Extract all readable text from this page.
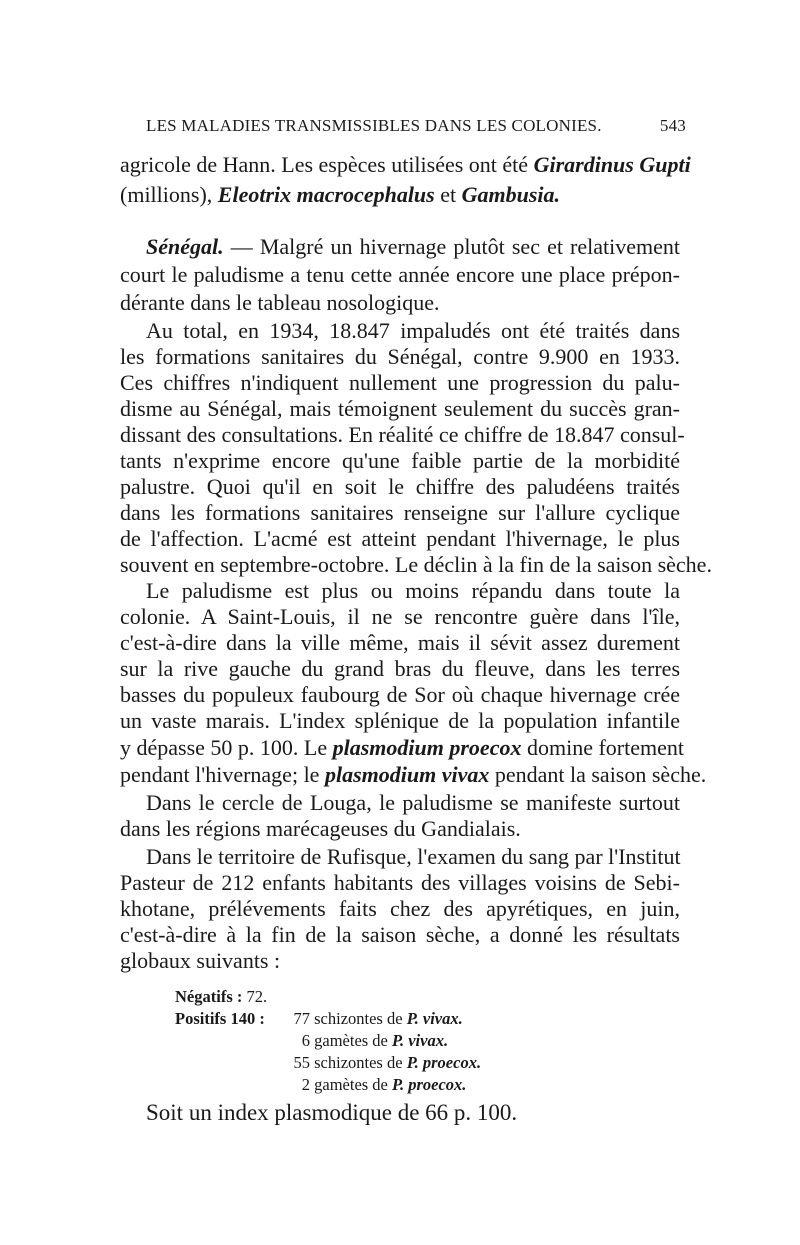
LES MALADIES TRANSMISSIBLES DANS LES COLONIES.	543
agricole de Hann. Les espèces utilisées ont été Girardinus Gupti
(millions), Eleotrix macrocephalus et Gambusia.
Sénégal. — Malgré un hivernage plutôt sec et relativement
court le paludisme a tenu cette année encore une place prépon-
dérante dans le tableau nosologique.
Au total, en 1934, 18.847 impaludés ont été traités dans
les formations sanitaires du Sénégal, contre 9.900 en 1933.
Ces chiffres n'indiquent nullement une progression du palu-
disme au Sénégal, mais témoignent seulement du succès gran-
dissant des consultations. En réalité ce chiffre de 18.847 consul-
tants n'exprime encore qu'une faible partie de la morbidité
palustre. Quoi qu'il en soit le chiffre des paludéens traités
dans les formations sanitaires renseigne sur l'allure cyclique
de l'affection. L'acmé est atteint pendant l'hivernage, le plus
souvent en septembre-octobre. Le déclin à la fin de la saison sèche.
Le paludisme est plus ou moins répandu dans toute la
colonie. A Saint-Louis, il ne se rencontre guère dans l'île,
c'est-à-dire dans la ville même, mais il sévit assez durement
sur la rive gauche du grand bras du fleuve, dans les terres
basses du populeux faubourg de Sor où chaque hivernage crée
un vaste marais. L'index splénique de la population infantile
y dépasse 50 p. 100. Le plasmodium proecox domine fortement
pendant l'hivernage; le plasmodium vivax pendant la saison sèche.
Dans le cercle de Louga, le paludisme se manifeste surtout
dans les régions marécageuses du Gandialais.
Dans le territoire de Rufisque, l'examen du sang par l'Institut
Pasteur de 212 enfants habitants des villages voisins de Sebi-
khotane, prélévements faits chez des apyrétiques, en juin,
c'est-à-dire à la fin de la saison sèche, a donné les résultats
globaux suivants :
Négatifs : 72.
Positifs 140 :	77 schizontes de P. vivax.
6 gamètes de P. vivax.
55 schizontes de P. proecox.
2 gamètes de P. proecox.
Soit un index plasmodique de 66 p. 100.
